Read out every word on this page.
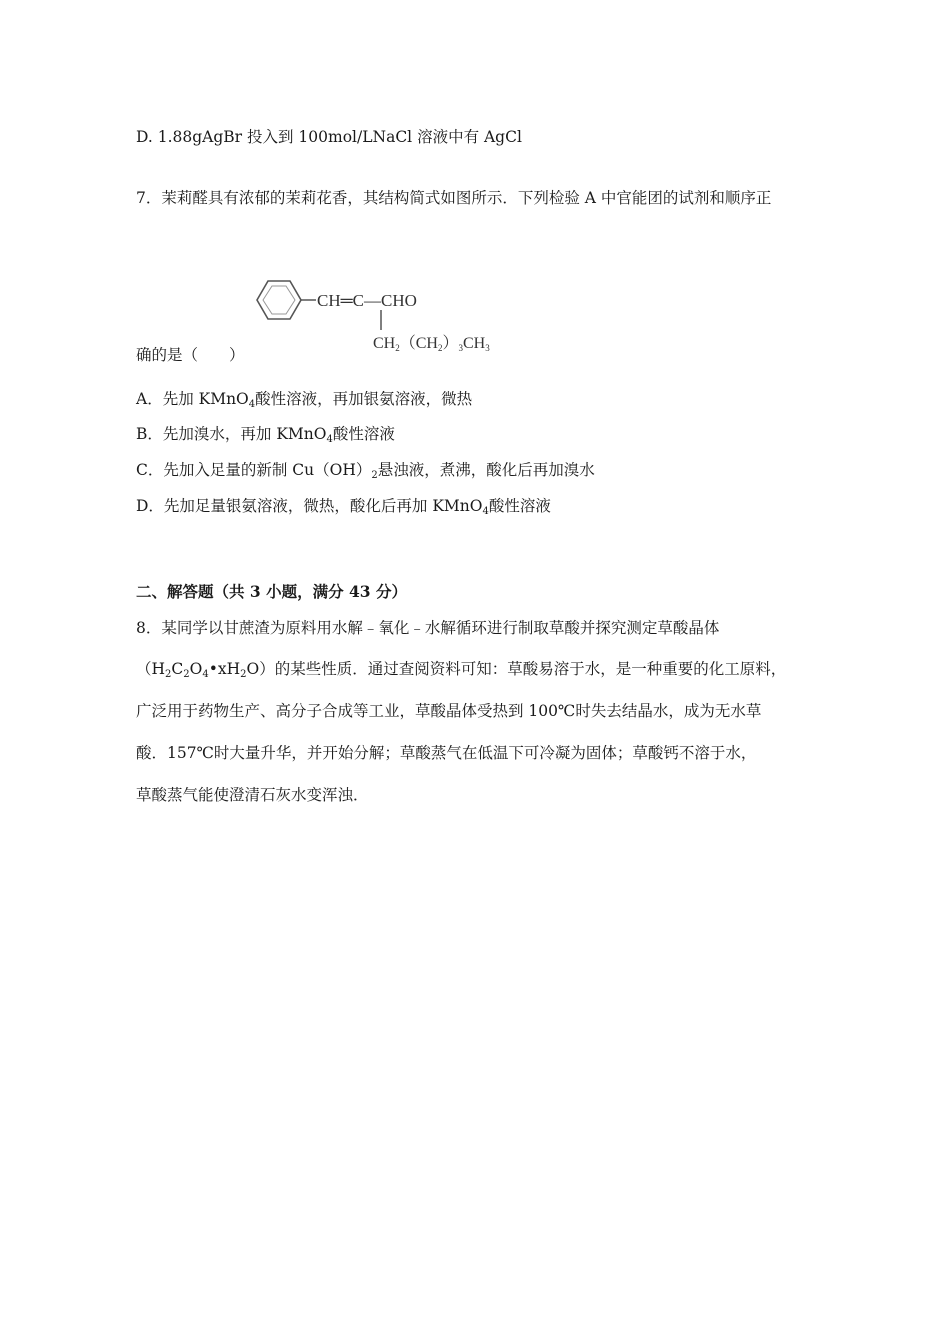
D. 1.88gAgBr 投入到 100mol/LNaCl 溶液中有 AgCl
7．茉莉醛具有浓郁的茉莉花香，其结构简式如图所示．下列检验 A 中官能团的试剂和顺序正
CH═C—CHO
CH2（CH2）3CH3
确的是（　　）
A．先加 KMnO$_4$酸性溶液，再加银氨溶液，微热
B．先加溴水，再加 KMnO$_4$酸性溶液
C．先加入足量的新制 $Cu(OH)_2$悬浊液，煮沸，酸化后再加溴水
D．先加足量银氨溶液，微热，酸化后再加 KMnO$_4$酸性溶液
二、解答题（共 3 小题，满分 43 分）
8．某同学以甘蔗渣为原料用水解﹣氧化﹣水解循环进行制取草酸并探究测定草酸晶体
$(H_2C_2O_4•xH_2O)$的某些性质．通过查阅资料可知：草酸易溶于水，是一种重要的化工原料，
广泛用于药物生产、高分子合成等工业，草酸晶体受热到 100℃时失去结晶水，成为无水草
酸．157℃时大量升华，并开始分解；草酸蒸气在低温下可冷凝为固体；草酸钙不溶于水，
草酸蒸气能使澄清石灰水变浑浊．
